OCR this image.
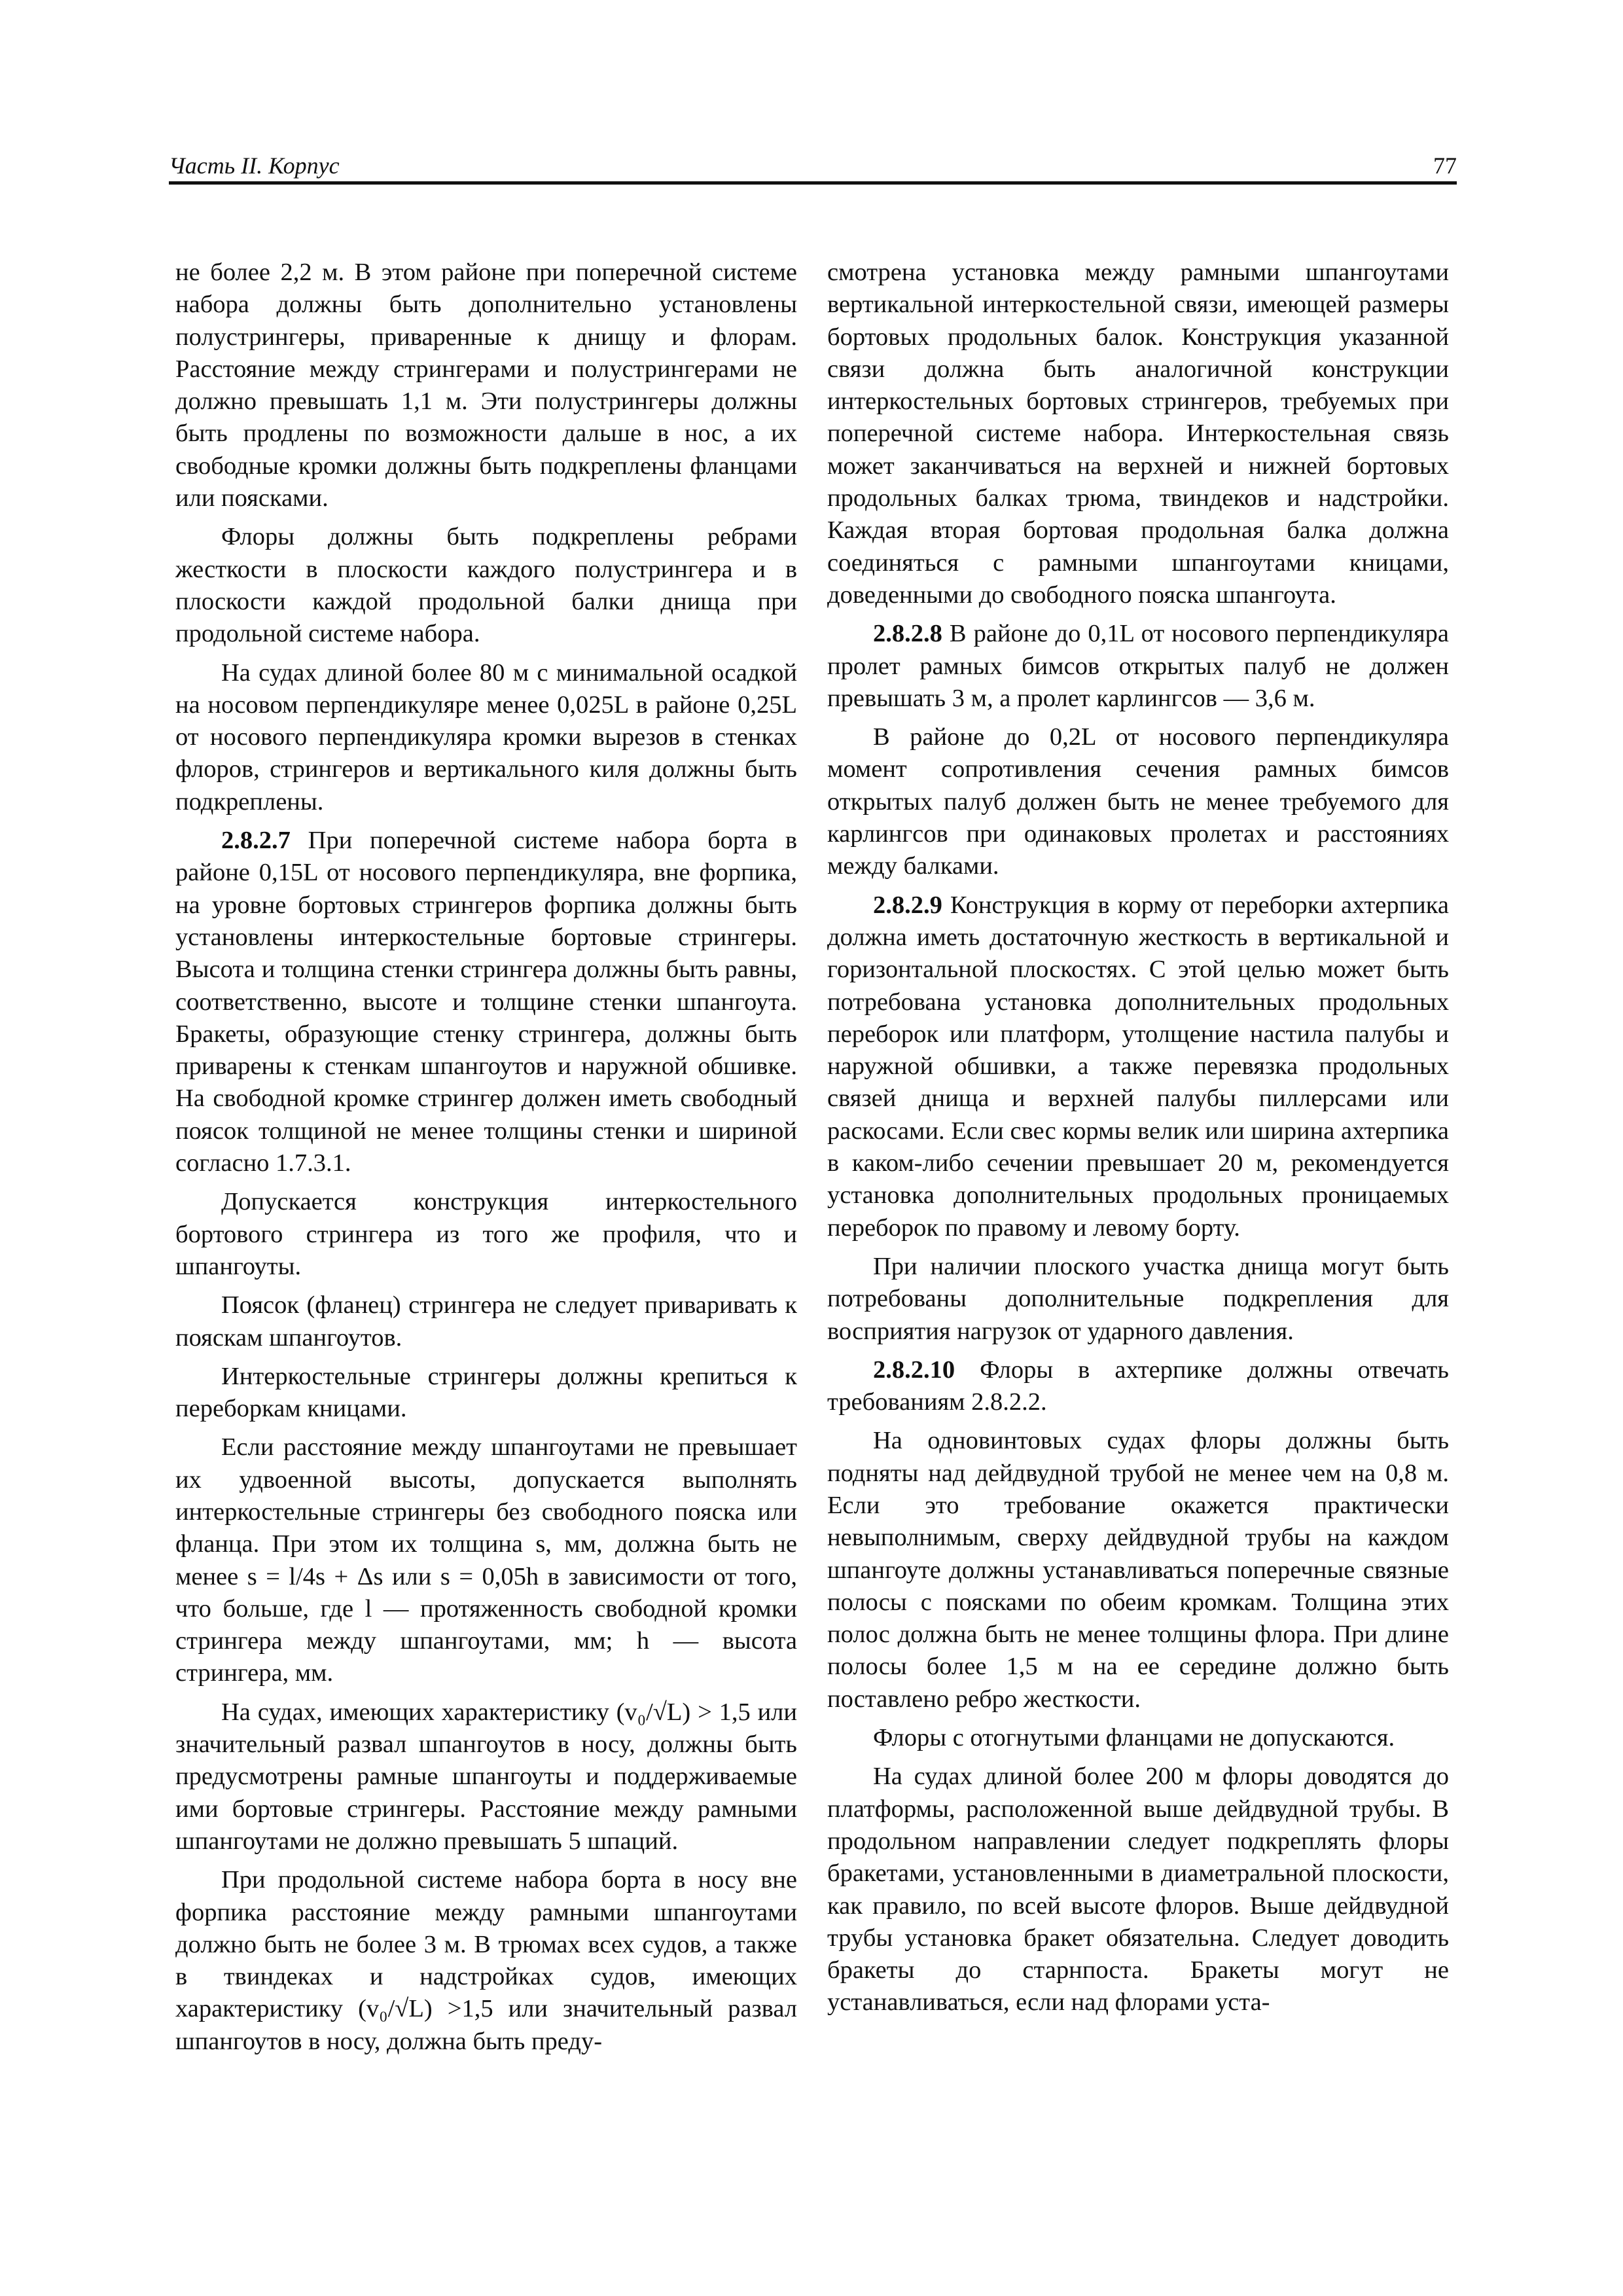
Часть II. Корпус	77

не более 2,2 м. В этом районе при поперечной системе набора должны быть дополнительно установлены полустрингеры, приваренные к днищу и флорам. Расстояние между стрингерами и полустрингерами не должно превышать 1,1 м. Эти полустрингеры должны быть продлены по возможности дальше в нос, а их свободные кромки должны быть подкреплены фланцами или поясками.

Флоры должны быть подкреплены ребрами жесткости в плоскости каждого полустрингера и в плоскости каждой продольной балки днища при продольной системе набора.

На судах длиной более 80 м с минимальной осадкой на носовом перпендикуляре менее 0,025L в районе 0,25L от носового перпендикуляра кромки вырезов в стенках флоров, стрингеров и вертикального киля должны быть подкреплены.

2.8.2.7 При поперечной системе набора борта в районе 0,15L от носового перпендикуляра, вне форпика, на уровне бортовых стрингеров форпика должны быть установлены интеркостельные бортовые стрингеры. Высота и толщина стенки стрингера должны быть равны, соответственно, высоте и толщине стенки шпангоута. Бракеты, образующие стенку стрингера, должны быть приварены к стенкам шпангоутов и наружной обшивке. На свободной кромке стрингер должен иметь свободный поясок толщиной не менее толщины стенки и шириной согласно 1.7.3.1.

Допускается конструкция интеркостельного бортового стрингера из того же профиля, что и шпангоуты.

Поясок (фланец) стрингера не следует приваривать к пояскам шпангоутов.

Интеркостельные стрингеры должны крепиться к переборкам кницами.

Если расстояние между шпангоутами не превышает их удвоенной высоты, допускается выполнять интеркостельные стрингеры без свободного пояска или фланца. При этом их толщина s, мм, должна быть не менее s = l/4s + Δs или s = 0,05h в зависимости от того, что больше, где l — протяженность свободной кромки стрингера между шпангоутами, мм; h — высота стрингера, мм.

На судах, имеющих характеристику (v₀/√L) > 1,5 или значительный развал шпангоутов в носу, должны быть предусмотрены рамные шпангоуты и поддерживаемые ими бортовые стрингеры. Расстояние между рамными шпангоутами не должно превышать 5 шпаций.

При продольной системе набора борта в носу вне форпика расстояние между рамными шпангоутами должно быть не более 3 м. В трюмах всех судов, а также в твиндеках и надстройках судов, имеющих характеристику (v₀/√L) >1,5 или значительный развал шпангоутов в носу, должна быть преду-

смотрена установка между рамными шпангоутами вертикальной интеркостельной связи, имеющей размеры бортовых продольных балок. Конструкция указанной связи должна быть аналогичной конструкции интеркостельных бортовых стрингеров, требуемых при поперечной системе набора. Интеркостельная связь может заканчиваться на верхней и нижней бортовых продольных балках трюма, твиндеков и надстройки. Каждая вторая бортовая продольная балка должна соединяться с рамными шпангоутами кницами, доведенными до свободного пояска шпангоута.

2.8.2.8 В районе до 0,1L от носового перпендикуляра пролет рамных бимсов открытых палуб не должен превышать 3 м, а пролет карлингсов — 3,6 м.

В районе до 0,2L от носового перпендикуляра момент сопротивления сечения рамных бимсов открытых палуб должен быть не менее требуемого для карлингсов при одинаковых пролетах и расстояниях между балками.

2.8.2.9 Конструкция в корму от переборки ахтерпика должна иметь достаточную жесткость в вертикальной и горизонтальной плоскостях. С этой целью может быть потребована установка дополнительных продольных переборок или платформ, утолщение настила палубы и наружной обшивки, а также перевязка продольных связей днища и верхней палубы пиллерсами или раскосами. Если свес кормы велик или ширина ахтерпика в каком-либо сечении превышает 20 м, рекомендуется установка дополнительных продольных проницаемых переборок по правому и левому борту.

При наличии плоского участка днища могут быть потребованы дополнительные подкрепления для восприятия нагрузок от ударного давления.

2.8.2.10 Флоры в ахтерпике должны отвечать требованиям 2.8.2.2.

На одновинтовых судах флоры должны быть подняты над дейдвудной трубой не менее чем на 0,8 м. Если это требование окажется практически невыполнимым, сверху дейдвудной трубы на каждом шпангоуте должны устанавливаться поперечные связные полосы с поясками по обеим кромкам. Толщина этих полос должна быть не менее толщины флора. При длине полосы более 1,5 м на ее середине должно быть поставлено ребро жесткости.

Флоры с отогнутыми фланцами не допускаются.

На судах длиной более 200 м флоры доводятся до платформы, расположенной выше дейдвудной трубы. В продольном направлении следует подкреплять флоры бракетами, установленными в диаметральной плоскости, как правило, по всей высоте флоров. Выше дейдвудной трубы установка бракет обязательна. Следует доводить бракеты до старнпоста. Бракеты могут не устанавливаться, если над флорами уста-
